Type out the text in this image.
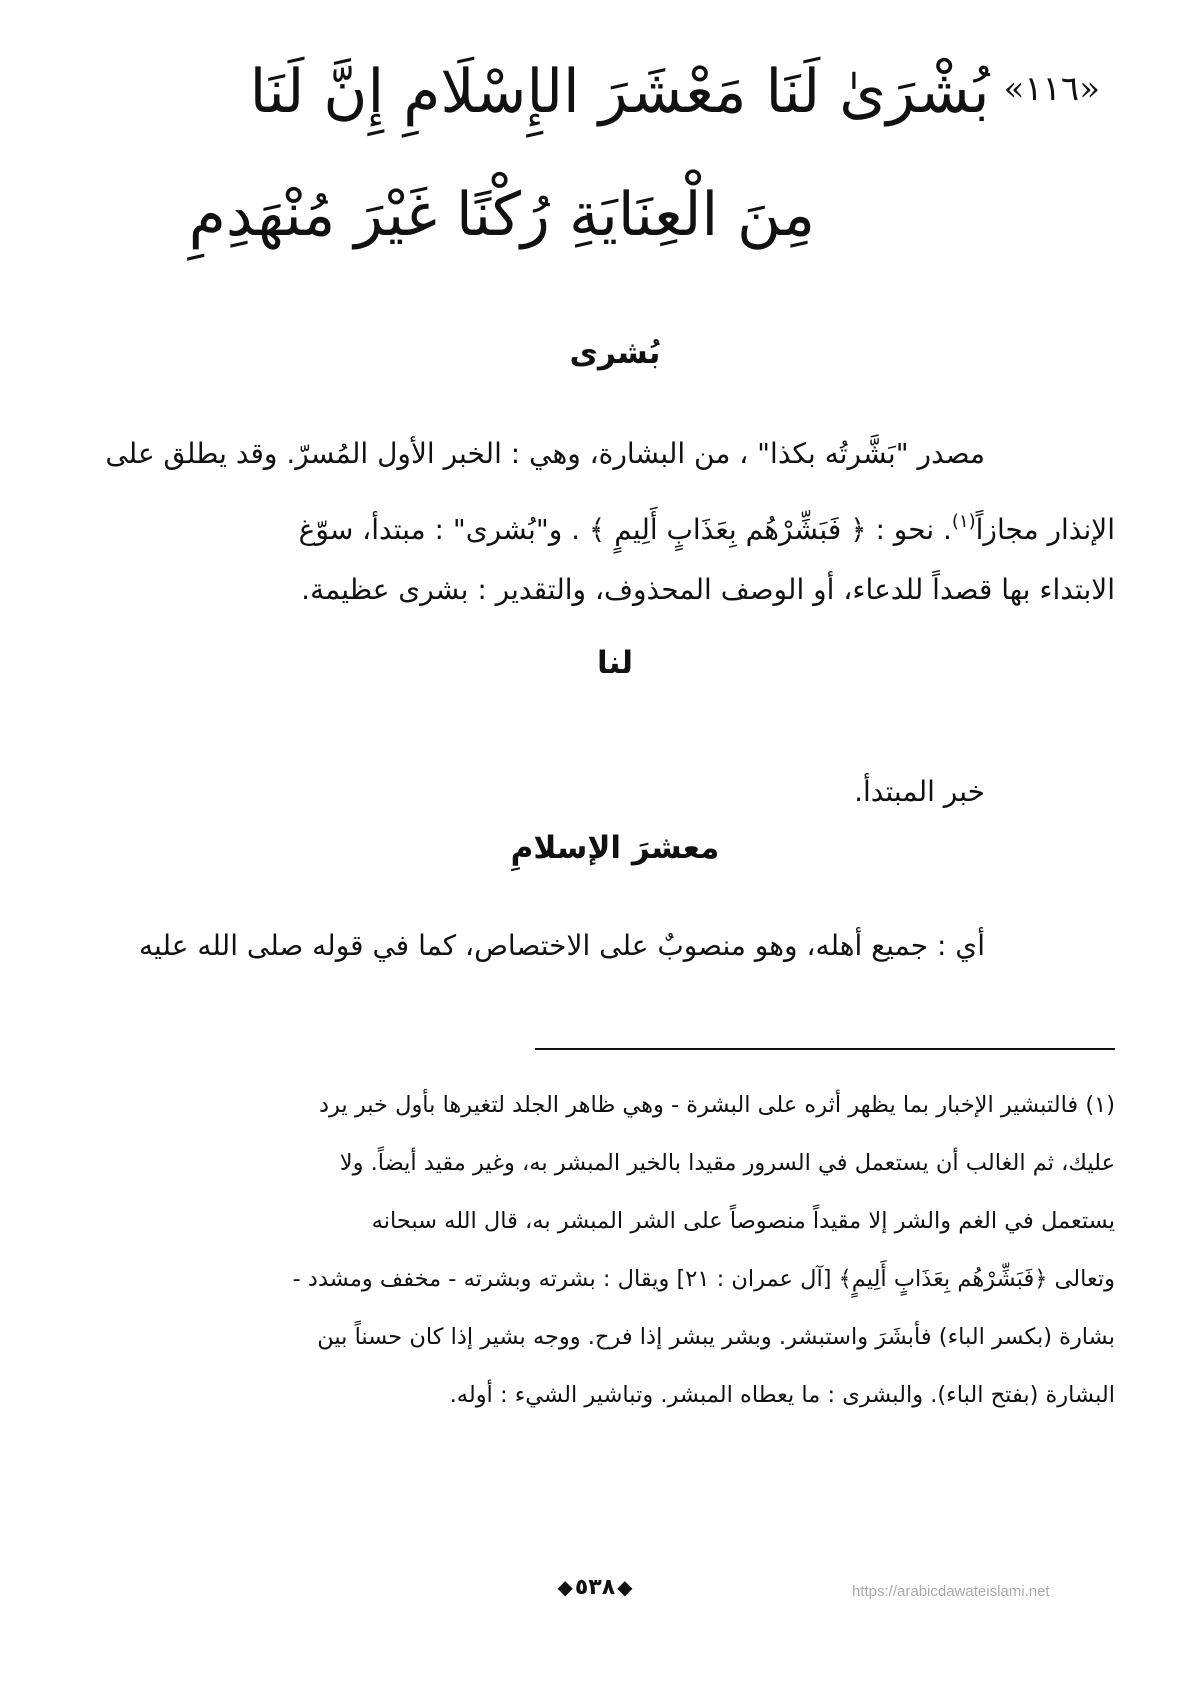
$^{«١١٦»}$بُشْرَىٰ لَنَا مَعْشَرَ الإِسْلَامِ إِنَّ لَنَا
مِنَ الْعِنَايَةِ رُكْنًا غَيْرَ مُنْهَدِمِ
بُشرى
مصدر "بَشَّرتُه بكذا" ، من البشارة، وهي : الخبر الأول المُسرّ. وقد يطلق على
الإنذار مجازاً$^{(١)}$. نحو : ﴿ فَبَشِّرْهُم بِعَذَابٍ أَلِيمٍ ﴾ . و"بُشرى" : مبتدأ، سوّغ
الابتداء بها قصداً للدعاء، أو الوصف المحذوف، والتقدير : بشرى عظيمة.
لنا
خبر المبتدأ.
معشرَ الإسلامِ
أي : جميع أهله، وهو منصوبٌ على الاختصاص، كما في قوله صلى الله عليه
(١) فالتبشير الإخبار بما يظهر أثره على البشرة - وهي ظاهر الجلد لتغيرها بأول خبر يرد
عليك، ثم الغالب أن يستعمل في السرور مقيدا بالخير المبشر به، وغير مقيد أيضاً. ولا
يستعمل في الغم والشر إلا مقيداً منصوصاً على الشر المبشر به، قال الله سبحانه
وتعالى ﴿فَبَشِّرْهُم بِعَذَابٍ أَلِيمٍ﴾ [آل عمران : ٢١] ويقال : بشرته وبشرته - مخفف ومشدد -
بشارة (بكسر الباء) فأبشَرَ واستبشر. وبشر يبشر إذا فرح. ووجه بشير إذا كان حسناً بين
البشارة (بفتح الباء). والبشرى : ما يعطاه المبشر. وتباشير الشيء : أوله.
◆٥٣٨ ◆	https://arabicdawateislami.net
